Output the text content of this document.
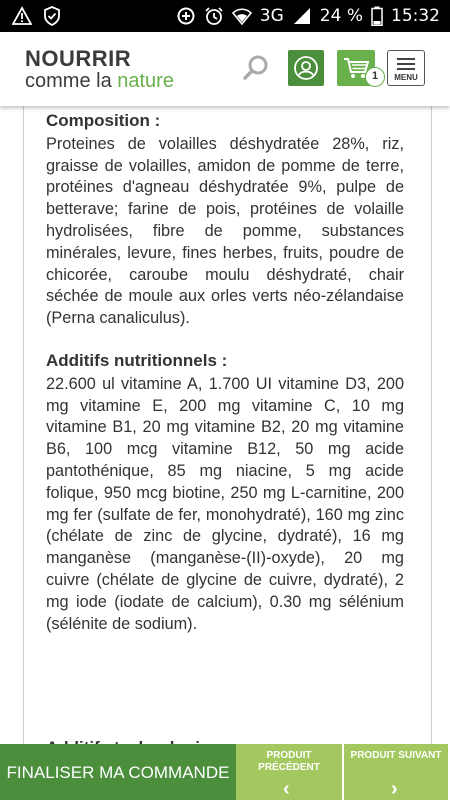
3G 24 % 15:32
NOURRIR
comme la nature	1	MENU
Composition :
Proteines de volailles déshydratée 28%, riz, graisse de volailles, amidon de pomme de terre, protéines d'agneau déshydratée 9%, pulpe de betterave; farine de pois, protéines de volaille hydrolisées, fibre de pomme, substances minérales, levure, fines herbes, fruits, poudre de chicorée, caroube moulu déshydraté, chair séchée de moule aux orles verts néo-zélandaise (Perna canaliculus).
Additifs nutritionnels :
22.600 ul vitamine A, 1.700 UI vitamine D3, 200 mg vitamine E, 200 mg vitamine C, 10 mg vitamine B1, 20 mg vitamine B2, 20 mg vitamine B6, 100 mcg vitamine B12, 50 mg acide pantothénique, 85 mg niacine, 5 mg acide folique, 950 mcg biotine, 250 mg L-carnitine, 200 mg fer (sulfate de fer, monohydraté), 160 mg zinc (chélate de zinc de glycine, dydraté), 16 mg manganèse (manganèse-(II)-oxyde), 20 mg cuivre (chélate de glycine de cuivre, dydraté), 2 mg iode (iodate de calcium), 0.30 mg sélénium (sélénite de sodium).
FINALISER MA COMMANDE
PRODUIT PRÉCÉDENT
‹
PRODUIT SUIVANT
›
